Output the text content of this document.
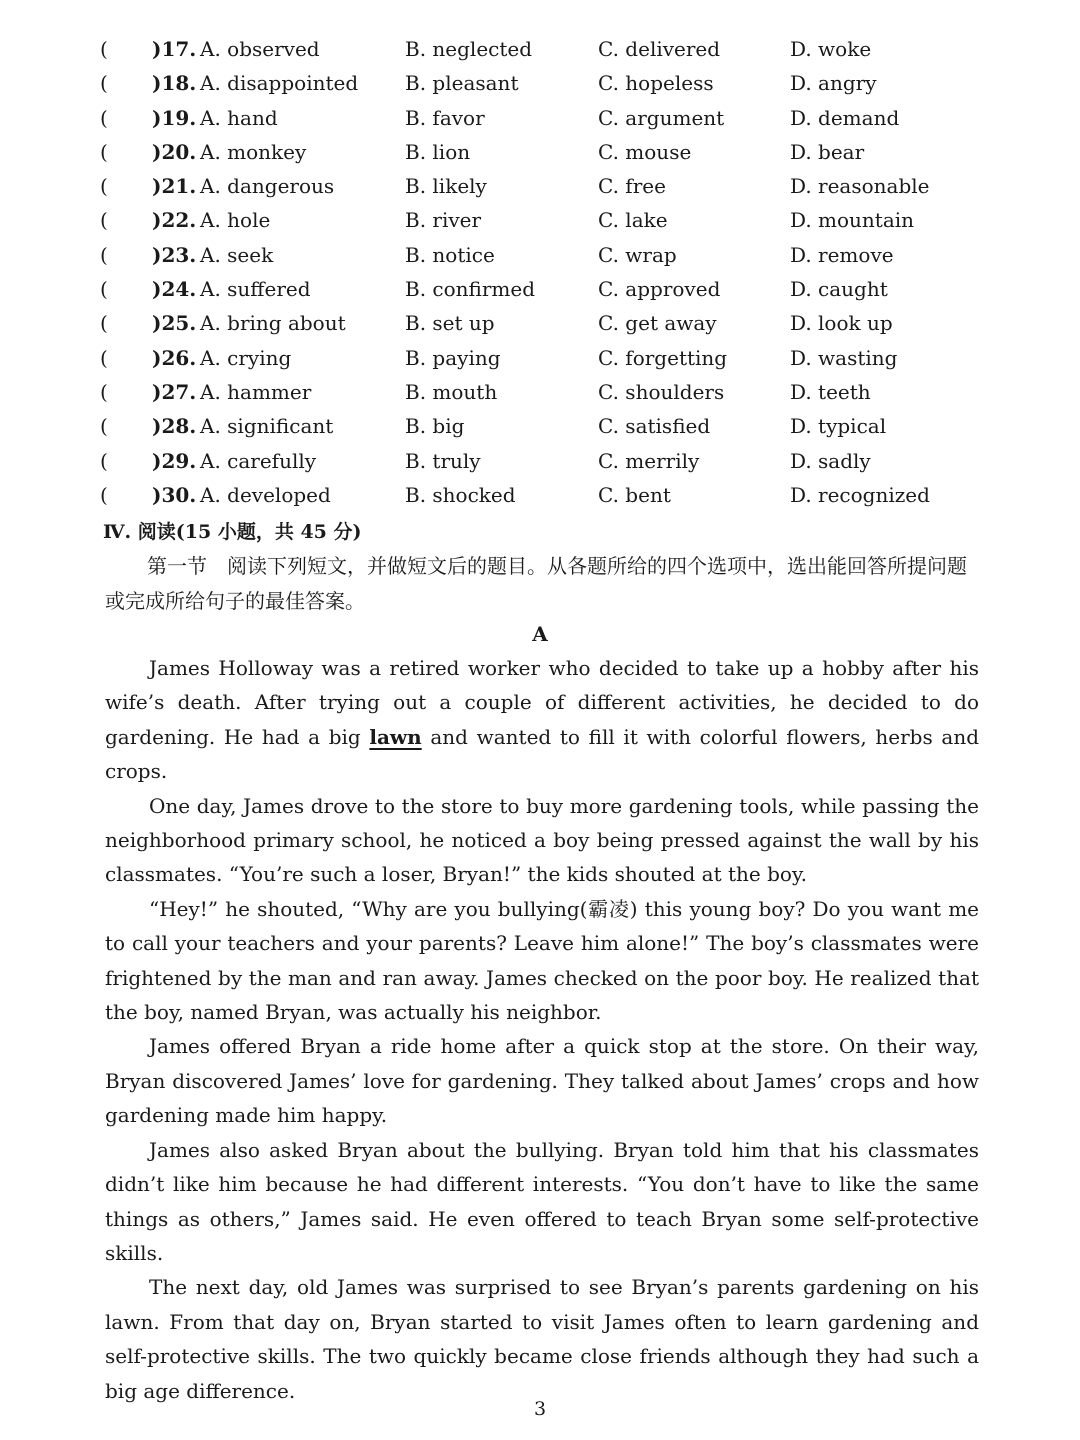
( )17. A. observed	B. neglected	C. delivered	D. woke
( )18. A. disappointed B. pleasant	C. hopeless	D. angry
( )19. A. hand	B. favor	C. argument	D. demand
( )20. A. monkey	B. lion	C. mouse	D. bear
( )21. A. dangerous	B. likely	C. free	D. reasonable
( )22. A. hole	B. river	C. lake	D. mountain
( )23. A. seek	B. notice	C. wrap	D. remove
( )24. A. suffered	B. confirmed	C. approved	D. caught
( )25. A. bring about	B. set up	C. get away	D. look up
( )26. A. crying	B. paying	C. forgetting	D. wasting
( )27. A. hammer	B. mouth	C. shoulders	D. teeth
( )28. A. significant	B. big	C. satisfied	D. typical
( )29. A. carefully	B. truly	C. merrily	D. sadly
( )30. A. developed	B. shocked	C. bent	D. recognized
Ⅳ. 阅读(15 小题，共 45 分)

第一节　阅读下列短文，并做短文后的题目。从各题所给的四个选项中，选出能回答所提问题或完成所给句子的最佳答案。

A

James Holloway was a retired worker who decided to take up a hobby after his wife’s death. After trying out a couple of different activities, he decided to do gardening. He had a big lawn and wanted to fill it with colorful flowers, herbs and crops.

One day, James drove to the store to buy more gardening tools, while passing the neighborhood primary school, he noticed a boy being pressed against the wall by his classmates. “You’re such a loser, Bryan!” the kids shouted at the boy.

“Hey!” he shouted, “Why are you bullying(霸凌) this young boy? Do you want me to call your teachers and your parents? Leave him alone!” The boy’s classmates were frightened by the man and ran away. James checked on the poor boy. He realized that the boy, named Bryan, was actually his neighbor.

James offered Bryan a ride home after a quick stop at the store. On their way, Bryan discovered James’ love for gardening. They talked about James’ crops and how gardening made him happy.

James also asked Bryan about the bullying. Bryan told him that his classmates didn’t like him because he had different interests. “You don’t have to like the same things as others,” James said. He even offered to teach Bryan some self-protective skills.

The next day, old James was surprised to see Bryan’s parents gardening on his lawn. From that day on, Bryan started to visit James often to learn gardening and self-protective skills. The two quickly became close friends although they had such a big age difference.

3
